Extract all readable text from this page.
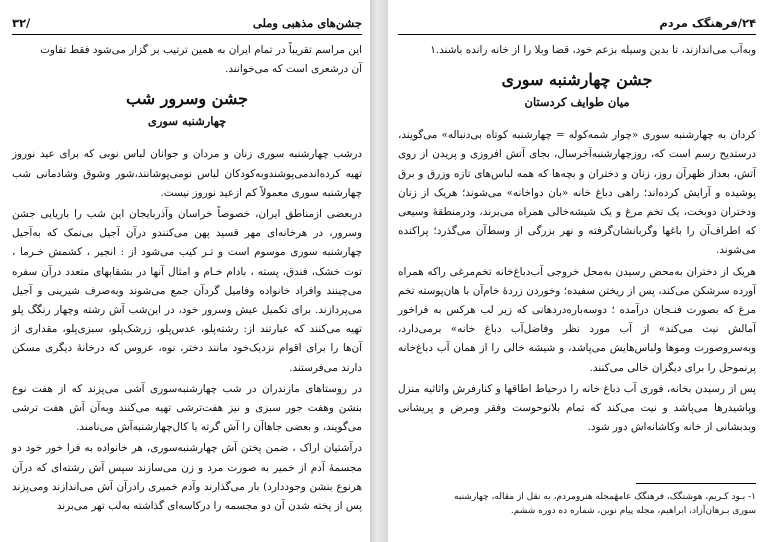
جشن‌های مذهبی وملی
/۳۲

این مراسم تقریباً در تمام ایران به همین ترتیب بر گزار می‌شود فقط تفاوت

آن درشعری است که می‌خوانند.

جشن وسرور شب
چهارشنبه سوری

درشب چهارشنبه سوری زنان و مردان و جوانان لباس نوبی که برای عید نوروز تهیه کرده‌اندمی‌پوشندوبه‌کودکان لباس نومی‌پوشانند،شور وشوق وشادمانی شب چهارشنبه سوری معمولاً کم ازعید نوروز نیست.

دربعضی ازمناطق ایران، خصوصاً خراسان وآذربایجان این شب را باریایی جشن وسرور، در هرخانه‌ای مهر قسید پهن می‌کنندو درآن آجیل بی‌نمک که به‌آجیل چهارشنبه سوری موسوم است و تـر کیب می‌شود از : انجیر ، کشمش خـرما ، توت خشک، فندق، پسته ، بادام خـام و امثال آنها در بشقابهای متعدد درآن سفره می‌چینند وافراد خانواده وفامیل گردآن جمع می‌شوند وبه‌صرف شیرینی و آجیل می‌پردازند. برای تکمیل عیش وسرور خود، در این‌شب آش رشته وچهار رنگگ پلو تهیه می‌کنند که عبارتند از: رشته‌پلو، عدس‌پلو، زرشک‌پلو، سبزی‌پلو، مقداری از آن‌ها را برای اقوام نزدیک‌خود مانند دختر، نوه، عروس که درخانهٔ دیگری مسکن دارند می‌فرستند.

در روستاهای مازندران در شب چهارشنبه‌سوری آشی می‌پزند که از هفت نوع بنشن وهفت جور سبزی و نیز هفت‌ترشی تهیه می‌کنند وبه‌آن آش هفت ترشی می‌گویند، و بعضی جاهاآن را آش گرته یا کال‌چهارشنبه‌آش می‌نامند.

درآشتیان اراک ، ضمن پختن آش چهارشنبه‌سوری، هر خانواده به فرا خور خود دو مجسمهٔ آدم از خمیر به صورت مرد و زن می‌سازند سپس آش رشته‌ای که درآن هرنوع بنشن وجوددارد) بار می‌گذارند وآدم خمیری رادرآن آش می‌اندازند ومی‌پزند پس از پخته شدن آن دو مجسمه را درکاسه‌ای گذاشته به‌لب تهر می‌برند

۲۴/فرهنگک مردم

وبه‌آب می‌اندازند، تا بدین وسیله بزعم خود، قضا وبلا را از خانه رانده باشند.۱

جشن چهارشنبه سوری
میان طوایف کردستان

کردان به چهارشنبه سوری «چوار شمه‌کوله = چهارشنبه کوتاه بی‌دنباله» می‌گویند، درستدیح رسم است که، روزچهارشنبه‌آخرسال، بجای آتش افروزی و پریدن از روی آتش، بعداز ظهرآن روز، زنان و دختران و بچه‌ها که همه لباس‌های تازه وزرق و برق پوشیده و آرایش کرده‌اند؛ راهی دباغ خانه «بان دواخانه» می‌شوند؛ هریک از زنان ودختران دوبخت، یک تخم مرغ و یک شیشه‌خالی همراه می‌برند، ودرمنطقهٔ وسیعی که اطراف‌آن را باغها وگربانشان‌گرفته و نهر بزرگی از وسط‌آن می‌گذرد؛ پراکنده می‌شوند.

هریک از دختران به‌محض رسیدن به‌محل خروجی آب‌دباغ‌خانه تخم‌مرغی راکه همراه آورده سرشکن می‌کند، پس از ریختن سفیده؛ وخوردن زردهٔ خام‌آن با هان‌پوسته تخم مرغ که بصورت فنـجان درآمده ؛ دوسه‌باره‌دردهانی که زیر لب هرکس به فراخور آمالش نیت می‌کند» از آب مورد نظر وفاضل‌آب دباغ خانه» برمی‌دارد، وبه‌سروصورت وموها ولباس‌هایش می‌پاشد، و شیشه خالی را از همان آب دباغ‌خانه پرنموحل را برای دیگران خالی می‌کنند.

پس از رسیدن بخانه، فوری آب دباغ خانه را درحیاط اطاقها و کنارفرش واثاثیه منزل وپاشیدرها می‌پاشد و نیت می‌کند که تمام بلانوحوست وفقر ومرض و پریشانی وبدبشانی از خانه وکاشانه‌اش دور شود.

۱- بـود کـریم، هوشنگک، فرهنگک عامهٔمجله هنرومردم، به نقل از مقاله، چهارشنبه

سوری بـرهان‌آزاد، ابراهیم، مجله پیام نوین، شماره ده دوره ششم.
